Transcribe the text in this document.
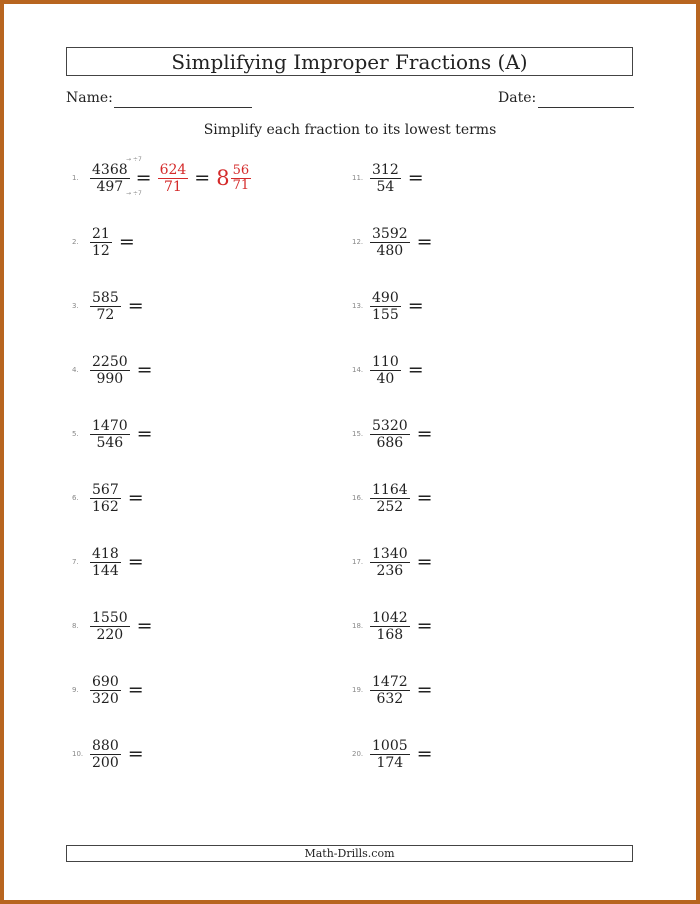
Simplifying Improper Fractions (A)
Name:	Date:
Simplify each fraction to its lowest terms
1. $\frac{4368}{497} = \frac{624}{71} = 8 \frac{56}{71}$
→ ÷7
→ ÷7
2. $\frac{21}{12}$ =
3. $\frac{585}{72}$ =
4. $\frac{2250}{990}$ =
5. $\frac{1470}{546}$ =
6. $\frac{567}{162}$ =
7. $\frac{418}{144}$ =
8. $\frac{1550}{220}$ =
9. $\frac{690}{320}$ =
10. $\frac{880}{200}$ =
11. $\frac{312}{54}$ =
12. $\frac{3592}{480}$ =
13. $\frac{490}{155}$ =
14. $\frac{110}{40}$ =
15. $\frac{5320}{686}$ =
16. $\frac{1164}{252}$ =
17. $\frac{1340}{236}$ =
18. $\frac{1042}{168}$ =
19. $\frac{1472}{632}$ =
20. $\frac{1005}{174}$ =
Math-Drills.com
